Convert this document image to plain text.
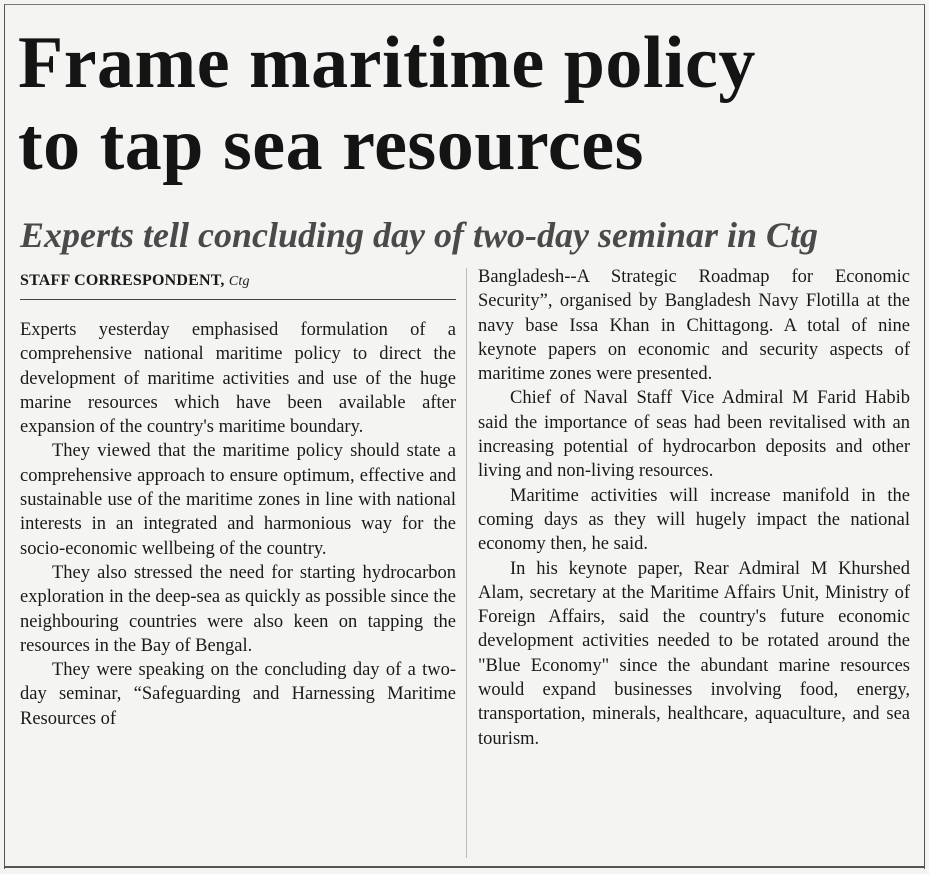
Frame maritime policy
to tap sea resources
Experts tell concluding day of two-day seminar in Ctg
STAFF CORRESPONDENT, Ctg

Experts yesterday emphasised formulation of a comprehensive national maritime policy to direct the development of maritime activities and use of the huge marine resources which have been available after expansion of the country's maritime boundary.

They viewed that the maritime policy should state a comprehensive approach to ensure optimum, effective and sustainable use of the maritime zones in line with national interests in an integrated and harmonious way for the socio-economic wellbeing of the country.

They also stressed the need for starting hydrocarbon exploration in the deep-sea as quickly as possible since the neighbouring countries were also keen on tapping the resources in the Bay of Bengal.

They were speaking on the concluding day of a two-day seminar, “Safeguarding and Harnessing Maritime Resources of

Bangladesh--A Strategic Roadmap for Economic Security”, organised by Bangladesh Navy Flotilla at the navy base Issa Khan in Chittagong. A total of nine keynote papers on economic and security aspects of maritime zones were presented.

Chief of Naval Staff Vice Admiral M Farid Habib said the importance of seas had been revitalised with an increasing potential of hydrocarbon deposits and other living and non-living resources.

Maritime activities will increase manifold in the coming days as they will hugely impact the national economy then, he said.

In his keynote paper, Rear Admiral M Khurshed Alam, secretary at the Maritime Affairs Unit, Ministry of Foreign Affairs, said the country's future economic development activities needed to be rotated around the "Blue Economy" since the abundant marine resources would expand businesses involving food, energy, transportation, minerals, healthcare, aquaculture, and sea tourism.
